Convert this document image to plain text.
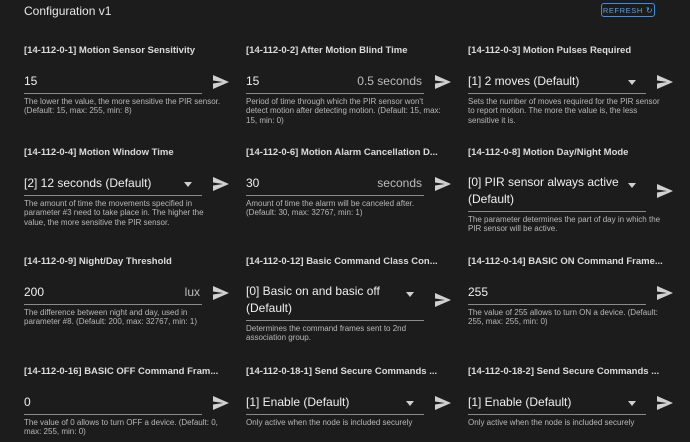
Configuration v1	REFRESH ↻
[14-112-0-1] Motion Sensor Sensitivity
15
The lower the value, the more sensitive the PIR sensor. (Default: 15, max: 255, min: 8)
[14-112-0-2] After Motion Blind Time
15	0.5 seconds
Period of time through which the PIR sensor won't detect motion after detecting motion. (Default: 15, max: 15, min: 0)
[14-112-0-3] Motion Pulses Required
[1] 2 moves (Default)
Sets the number of moves required for the PIR sensor to report motion. The more the value is, the less sensitive it is.
[14-112-0-4] Motion Window Time
[2] 12 seconds (Default)
The amount of time the movements specified in parameter #3 need to take place in. The higher the value, the more sensitive the PIR sensor.
[14-112-0-6] Motion Alarm Cancellation D...
30	seconds
Amount of time the alarm will be canceled after. (Default: 30, max: 32767, min: 1)
[14-112-0-8] Motion Day/Night Mode
[0] PIR sensor always active (Default)
The parameter determines the part of day in which the PIR sensor will be active.
[14-112-0-9] Night/Day Threshold
200	lux
The difference between night and day, used in parameter #8. (Default: 200, max: 32767, min: 1)
[14-112-0-12] Basic Command Class Con...
[0] Basic on and basic off (Default)
Determines the command frames sent to 2nd association group.
[14-112-0-14] BASIC ON Command Frame...
255
The value of 255 allows to turn ON a device. (Default: 255, max: 255, min: 0)
[14-112-0-16] BASIC OFF Command Fram...
0
The value of 0 allows to turn OFF a device. (Default: 0, max: 255, min: 0)
[14-112-0-18-1] Send Secure Commands ...
[1] Enable (Default)
Only active when the node is included securely
[14-112-0-18-2] Send Secure Commands ...
[1] Enable (Default)
Only active when the node is included securely
